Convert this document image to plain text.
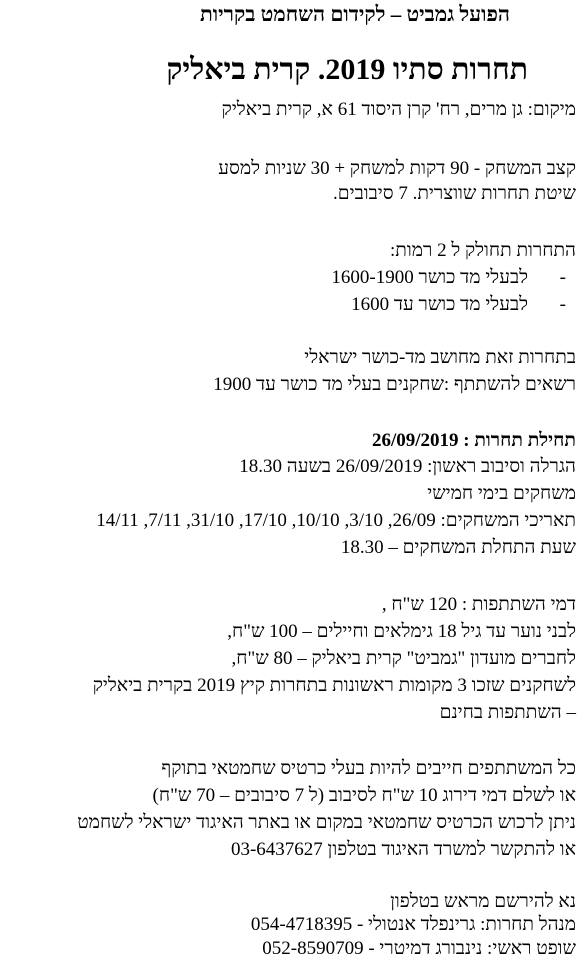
הפועל גמביט – לקידום השחמט בקריות
תחרות סתיו 2019. קרית ביאליק
מיקום: גן מרים, רח' קרן היסוד 61 א, קרית ביאליק
קצב המשחק - 90 דקות למשחק + 30 שניות למסע
שיטת תחרות שווצרית. 7 סיבובים.
התחרות תחולק ל 2 רמות:
-לבעלי מד כושר 1600-1900
-לבעלי מד כושר עד 1600
בתחרות זאת מחושב מד-כושר ישראלי
רשאים להשתתף :שחקנים בעלי מד כושר עד 1900
תחילת תחרות : 26/09/2019
הגרלה וסיבוב ראשון: 26/09/2019 בשעה 18.30
משחקים בימי חמישי
תאריכי המשחקים: 26/09, 3/10, 10/10, 17/10, 31/10, 7/11, 14/11
שעת התחלת המשחקים – 18.30
דמי השתתפות : 120 ש"ח ,
לבני נוער עד גיל 18 גימלאים וחיילים – 100 ש"ח,
לחברים מועדון "גמביט" קרית ביאליק – 80 ש"ח,
לשחקנים שזכו 3 מקומות ראשונות בתחרות קיץ 2019 בקרית ביאליק
– השתתפות בחינם
כל המשתתפים חייבים להיות בעלי כרטיס שחמטאי בתוקף
או לשלם דמי דירוג 10 ש"ח לסיבוב (ל 7 סיבובים – 70 ש"ח)
ניתן לרכוש הכרטיס שחמטאי במקום או באתר האיגוד ישראלי לשחמט
או להתקשר למשרד האיגוד בטלפון 03-6437627
נא להירשם מראש בטלפון
מנהל תחרות: גרינפלד אנטולי - 054-4718395
שופט ראשי: נינבורג דמיטרי - 052-8590709
